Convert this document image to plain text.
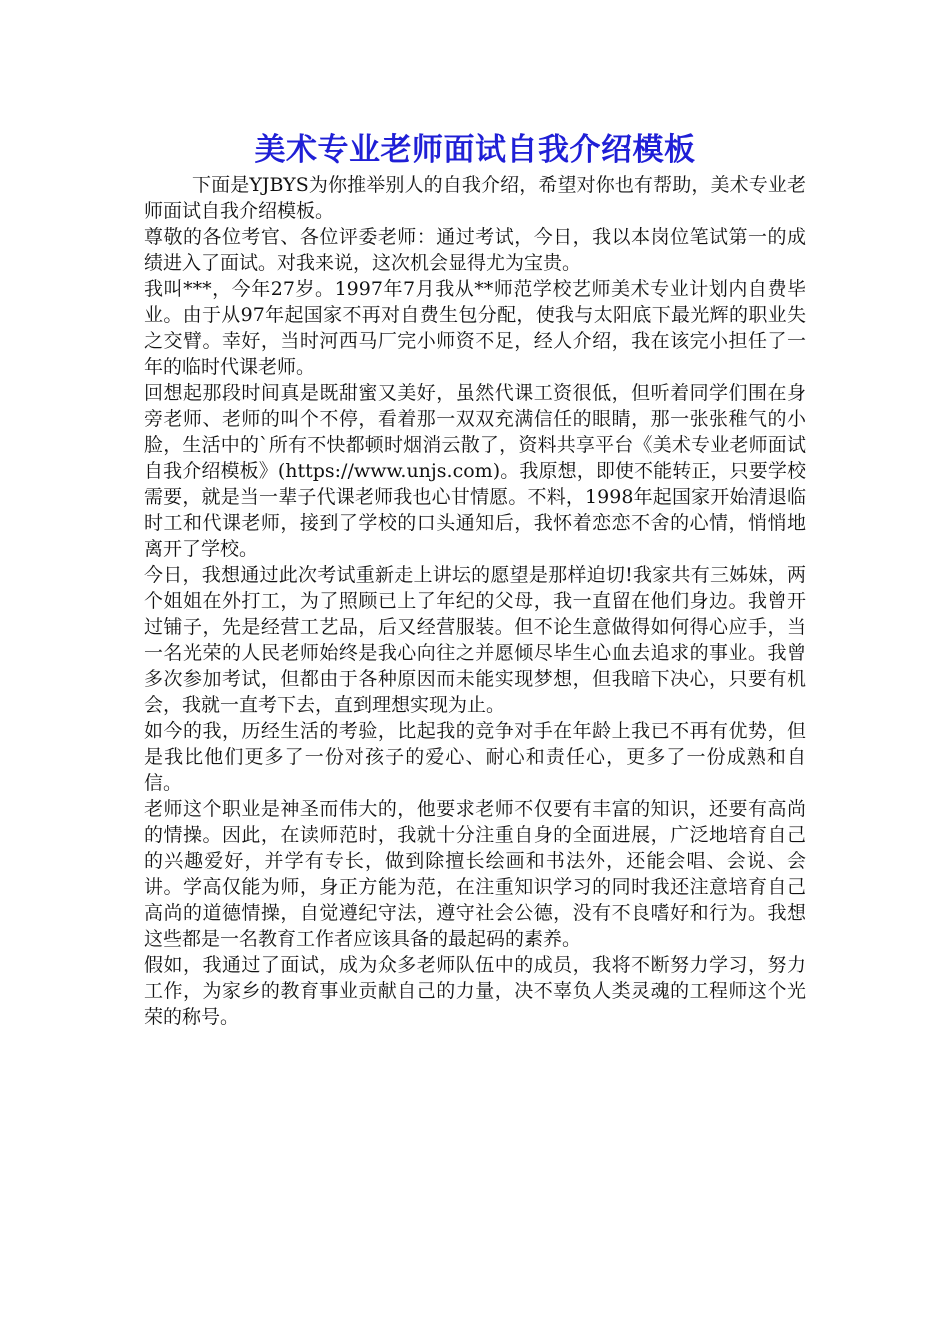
美术专业老师面试自我介绍模板

下面是YJBYS为你推举别人的自我介绍，希望对你也有帮助，美术专业老师面试自我介绍模板。

尊敬的各位考官、各位评委老师：通过考试，今日，我以本岗位笔试第一的成绩进入了面试。对我来说，这次机会显得尤为宝贵。

我叫***，今年27岁。1997年7月我从**师范学校艺师美术专业计划内自费毕业。由于从97年起国家不再对自费生包分配，使我与太阳底下最光辉的职业失之交臂。幸好，当时河西马厂完小师资不足，经人介绍，我在该完小担任了一年的临时代课老师。

回想起那段时间真是既甜蜜又美好，虽然代课工资很低，但听着同学们围在身旁老师、老师的叫个不停，看着那一双双充满信任的眼睛，那一张张稚气的小脸，生活中的`所有不快都顿时烟消云散了，资料共享平台《美术专业老师面试自我介绍模板》(https://www.unjs.com)。我原想，即使不能转正，只要学校需要，就是当一辈子代课老师我也心甘情愿。不料，1998年起国家开始清退临时工和代课老师，接到了学校的口头通知后，我怀着恋恋不舍的心情，悄悄地离开了学校。

今日，我想通过此次考试重新走上讲坛的愿望是那样迫切!我家共有三姊妹，两个姐姐在外打工，为了照顾已上了年纪的父母，我一直留在他们身边。我曾开过铺子，先是经营工艺品，后又经营服装。但不论生意做得如何得心应手，当一名光荣的人民老师始终是我心向往之并愿倾尽毕生心血去追求的事业。我曾多次参加考试，但都由于各种原因而未能实现梦想，但我暗下决心，只要有机会，我就一直考下去，直到理想实现为止。

如今的我，历经生活的考验，比起我的竞争对手在年龄上我已不再有优势，但是我比他们更多了一份对孩子的爱心、耐心和责任心，更多了一份成熟和自信。

老师这个职业是神圣而伟大的，他要求老师不仅要有丰富的知识，还要有高尚的情操。因此，在读师范时，我就十分注重自身的全面进展，广泛地培育自己的兴趣爱好，并学有专长，做到除擅长绘画和书法外，还能会唱、会说、会讲。学高仅能为师，身正方能为范，在注重知识学习的同时我还注意培育自己高尚的道德情操，自觉遵纪守法，遵守社会公德，没有不良嗜好和行为。我想这些都是一名教育工作者应该具备的最起码的素养。

假如，我通过了面试，成为众多老师队伍中的成员，我将不断努力学习，努力工作，为家乡的教育事业贡献自己的力量，决不辜负人类灵魂的工程师这个光荣的称号。
